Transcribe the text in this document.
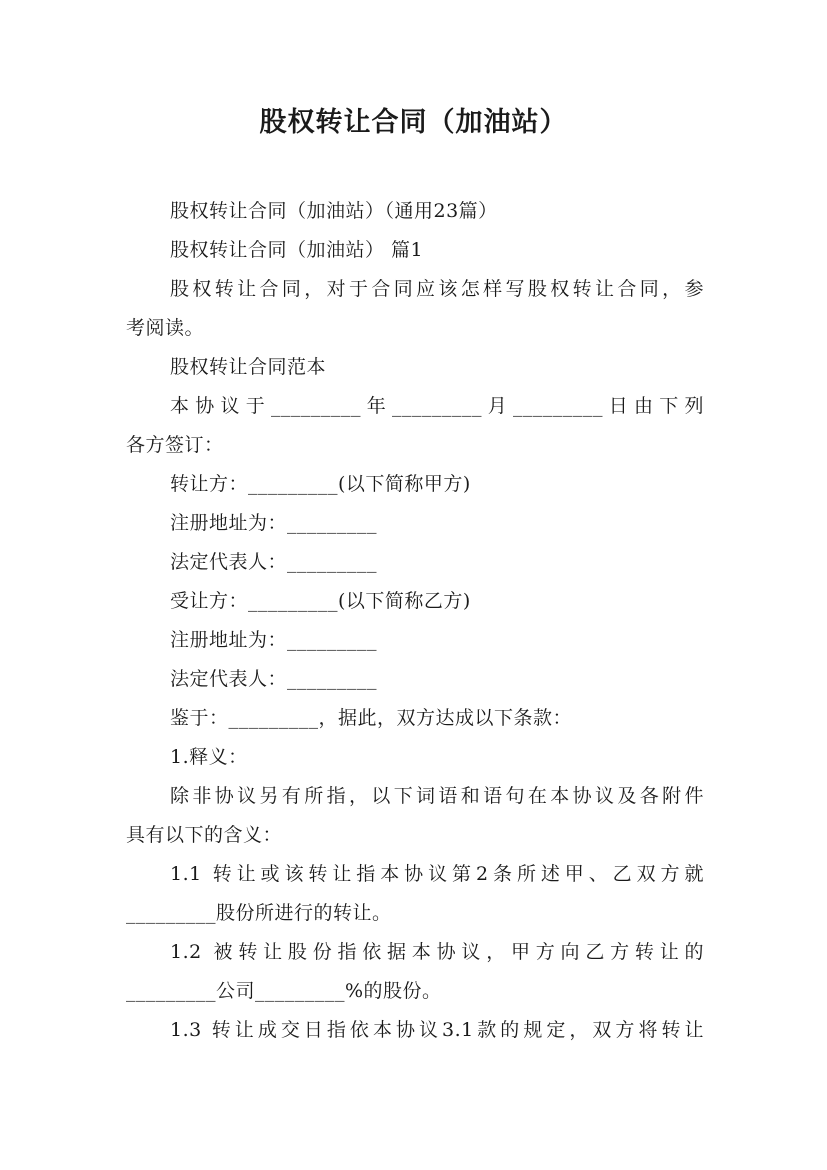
股权转让合同（加油站）
股权转让合同（加油站）（通用23篇）
股权转让合同（加油站） 篇1
股权转让合同，对于合同应该怎样写股权转让合同，参
考阅读。
股权转让合同范本
本协议于_________年_________月_________日由下列
各方签订：
转让方：_________(以下简称甲方)
注册地址为：_________
法定代表人：_________
受让方：_________(以下简称乙方)
注册地址为：_________
法定代表人：_________
鉴于：_________，据此，双方达成以下条款：
1.释义：
除非协议另有所指，以下词语和语句在本协议及各附件
具有以下的含义：
1.1 转让或该转让指本协议第2条所述甲、乙双方就
_________股份所进行的转让。
1.2 被转让股份指依据本协议，甲方向乙方转让的
_________公司_________%的股份。
1.3 转让成交日指依本协议3.1款的规定，双方将转让
